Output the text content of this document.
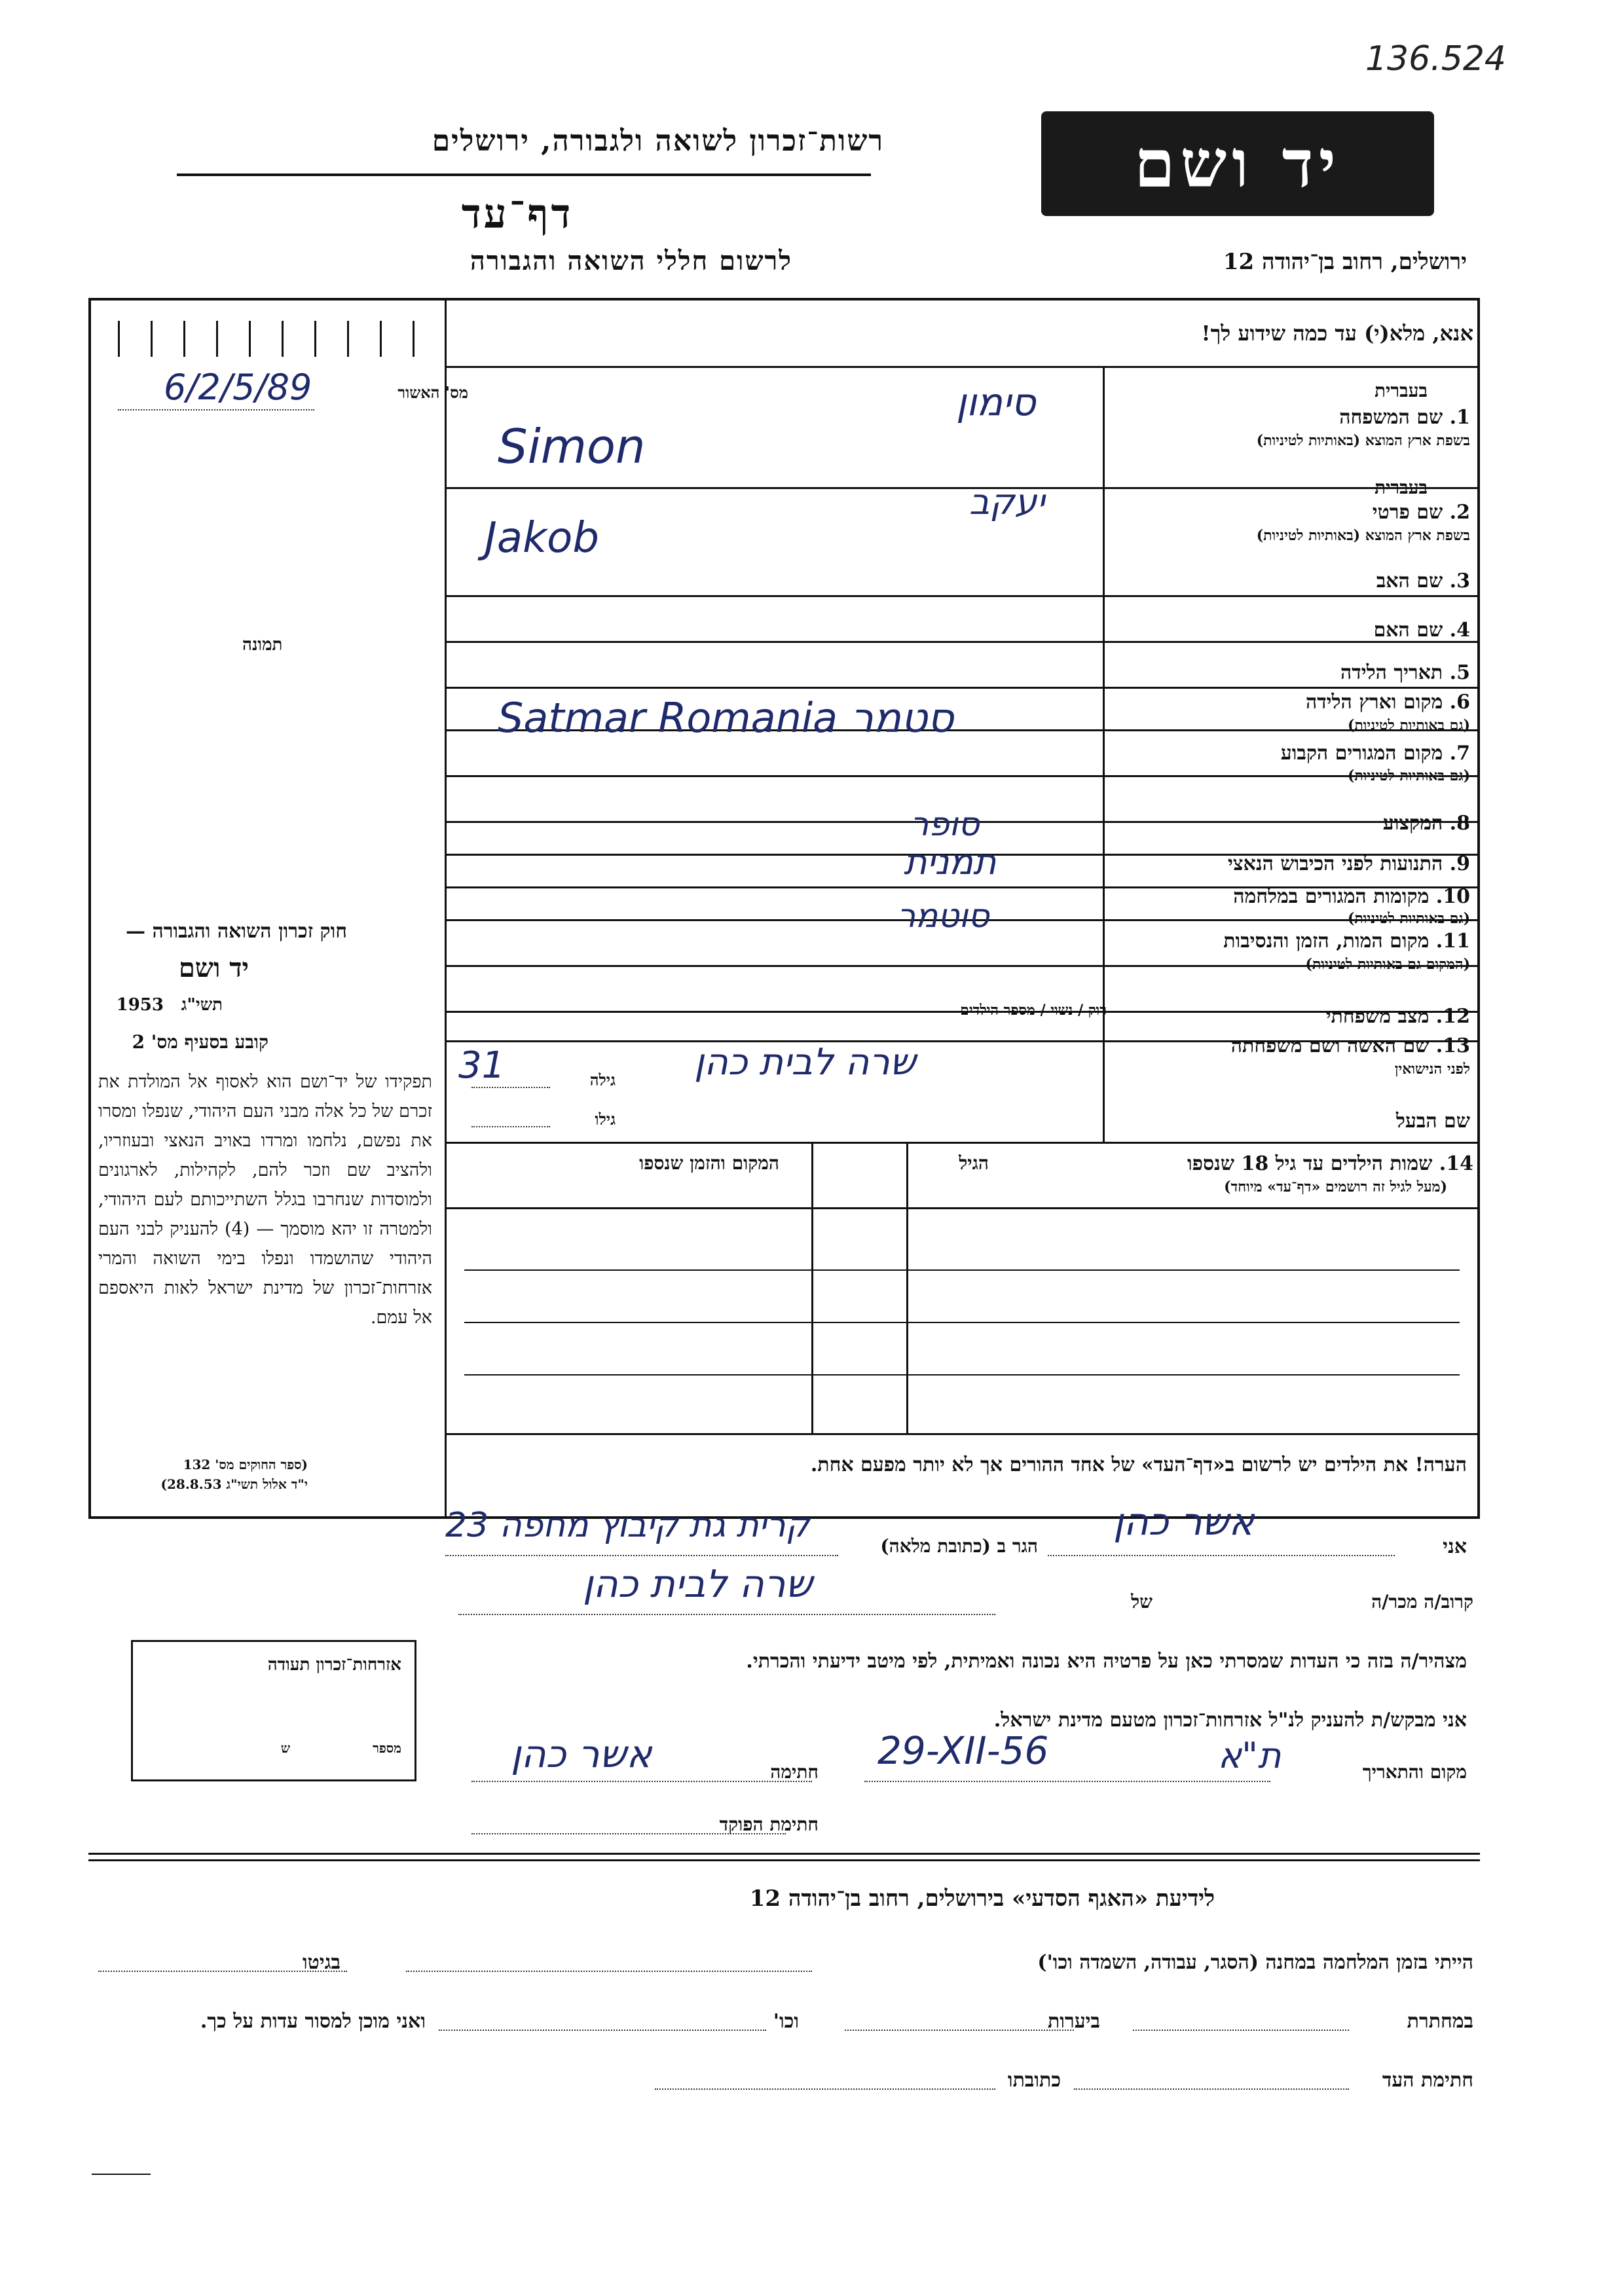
136.524
רשות־זכרון לשואה ולגבורה, ירושלים
דף־עד
לרשום חללי השואה והגבורה
יד ושם
ירושלים, רחוב בן־יהודה 12
אנא, מלא(י) עד כמה שידוע לך!
מס' האשור
6/2/5/89
תמונה
בעברית
1. שם המשפחה
בשפת ארץ המוצא (באותיות לטיניות)
בעברית
2. שם פרטי
בשפת ארץ המוצא (באותיות לטיניות)
3. שם האב
4. שם האם
5. תאריך הלידה
6. מקום וארץ הלידה
(גם באותיות לטיניות)
7. מקום המגורים הקבוע
(גם באותיות לטיניות)
8. המקצוע
9. התנועות לפני הכיבוש הנאצי
10. מקומות המגורים במלחמה
(גם באותיות לטיניות)
11. מקום המות, הזמן והנסיבות
(המקום גם באותיות לטיניות)
12. מצב משפחתי
רוק / נשוי / מספר הילדים
13. שם האשה ושם משפחתה
לפני הנישואין
שם הבעל
גילה
גילו
14. שמות הילדים עד גיל 18 שנספו
(מעל לגיל זה רושמים «דף־עד» מיוחד)
הגיל
המקום והזמן שנספו
סימון
Simon
יעקב
Jakob
Satmar Romania סטמר
סופר
תמנית
סוטמר
שרה לבית כהן
31
חוק זכרון השואה והגבורה —
יד ושם
תשי"ג
1953
קובע בסעיף מס' 2
תפקידו של יד־ושם הוא לאסוף אל המולדת את זכרם של כל אלה מבני העם היהודי, שנפלו ומסרו את נפשם, נלחמו ומרדו באויב הנאצי ובעוזריו, ולהציב שם וזכר להם, לקהילות, לארגונים ולמוסדות שנחרבו בגלל השתייכותם לעם היהודי, ולמטרה זו יהא מוסמך — (4) להעניק לבני העם היהודי שהושמדו ונפלו בימי השואה והמרי אזרחות־זכרון של מדינת ישראל לאות היאספם אל עמם.
(ספר החוקים מס' 132
י"ד אלול תשי"ג 28.8.53)
הערה! את הילדים יש לרשום ב«דף־העד» של אחד ההורים אך לא יותר מפעם אחת.
אני
אשר כהן
הגר ב (כתובת מלאה)
קרית גת קיבוץ מחפה 23
קרוב/ה מכר/ה
של
שרה לבית כהן
מצהיר/ה בזה כי העדות שמסרתי כאן על פרטיה היא נכונה ואמיתית, לפי מיטב ידיעתי והכרתי.
אני מבקש/ת להעניק לנ"ל אזרחות־זכרון מטעם מדינת ישראל.
מקום והתאריך
ת"א
29-XII-56
חתימה
אשר כהן
חתימת הפוקד
אזרחות־זכרון תעודה
מספר
ש
לידיעת «האגף הסדעי» בירושלים, רחוב בן־יהודה 12
הייתי בזמן המלחמה במחנה (הסגר, עבודה, השמדה וכו')
בגיטו
במחתרת
ביערות
וכו'
ואני מוכן למסור עדות על כך.
חתימת העד
כתובתו
